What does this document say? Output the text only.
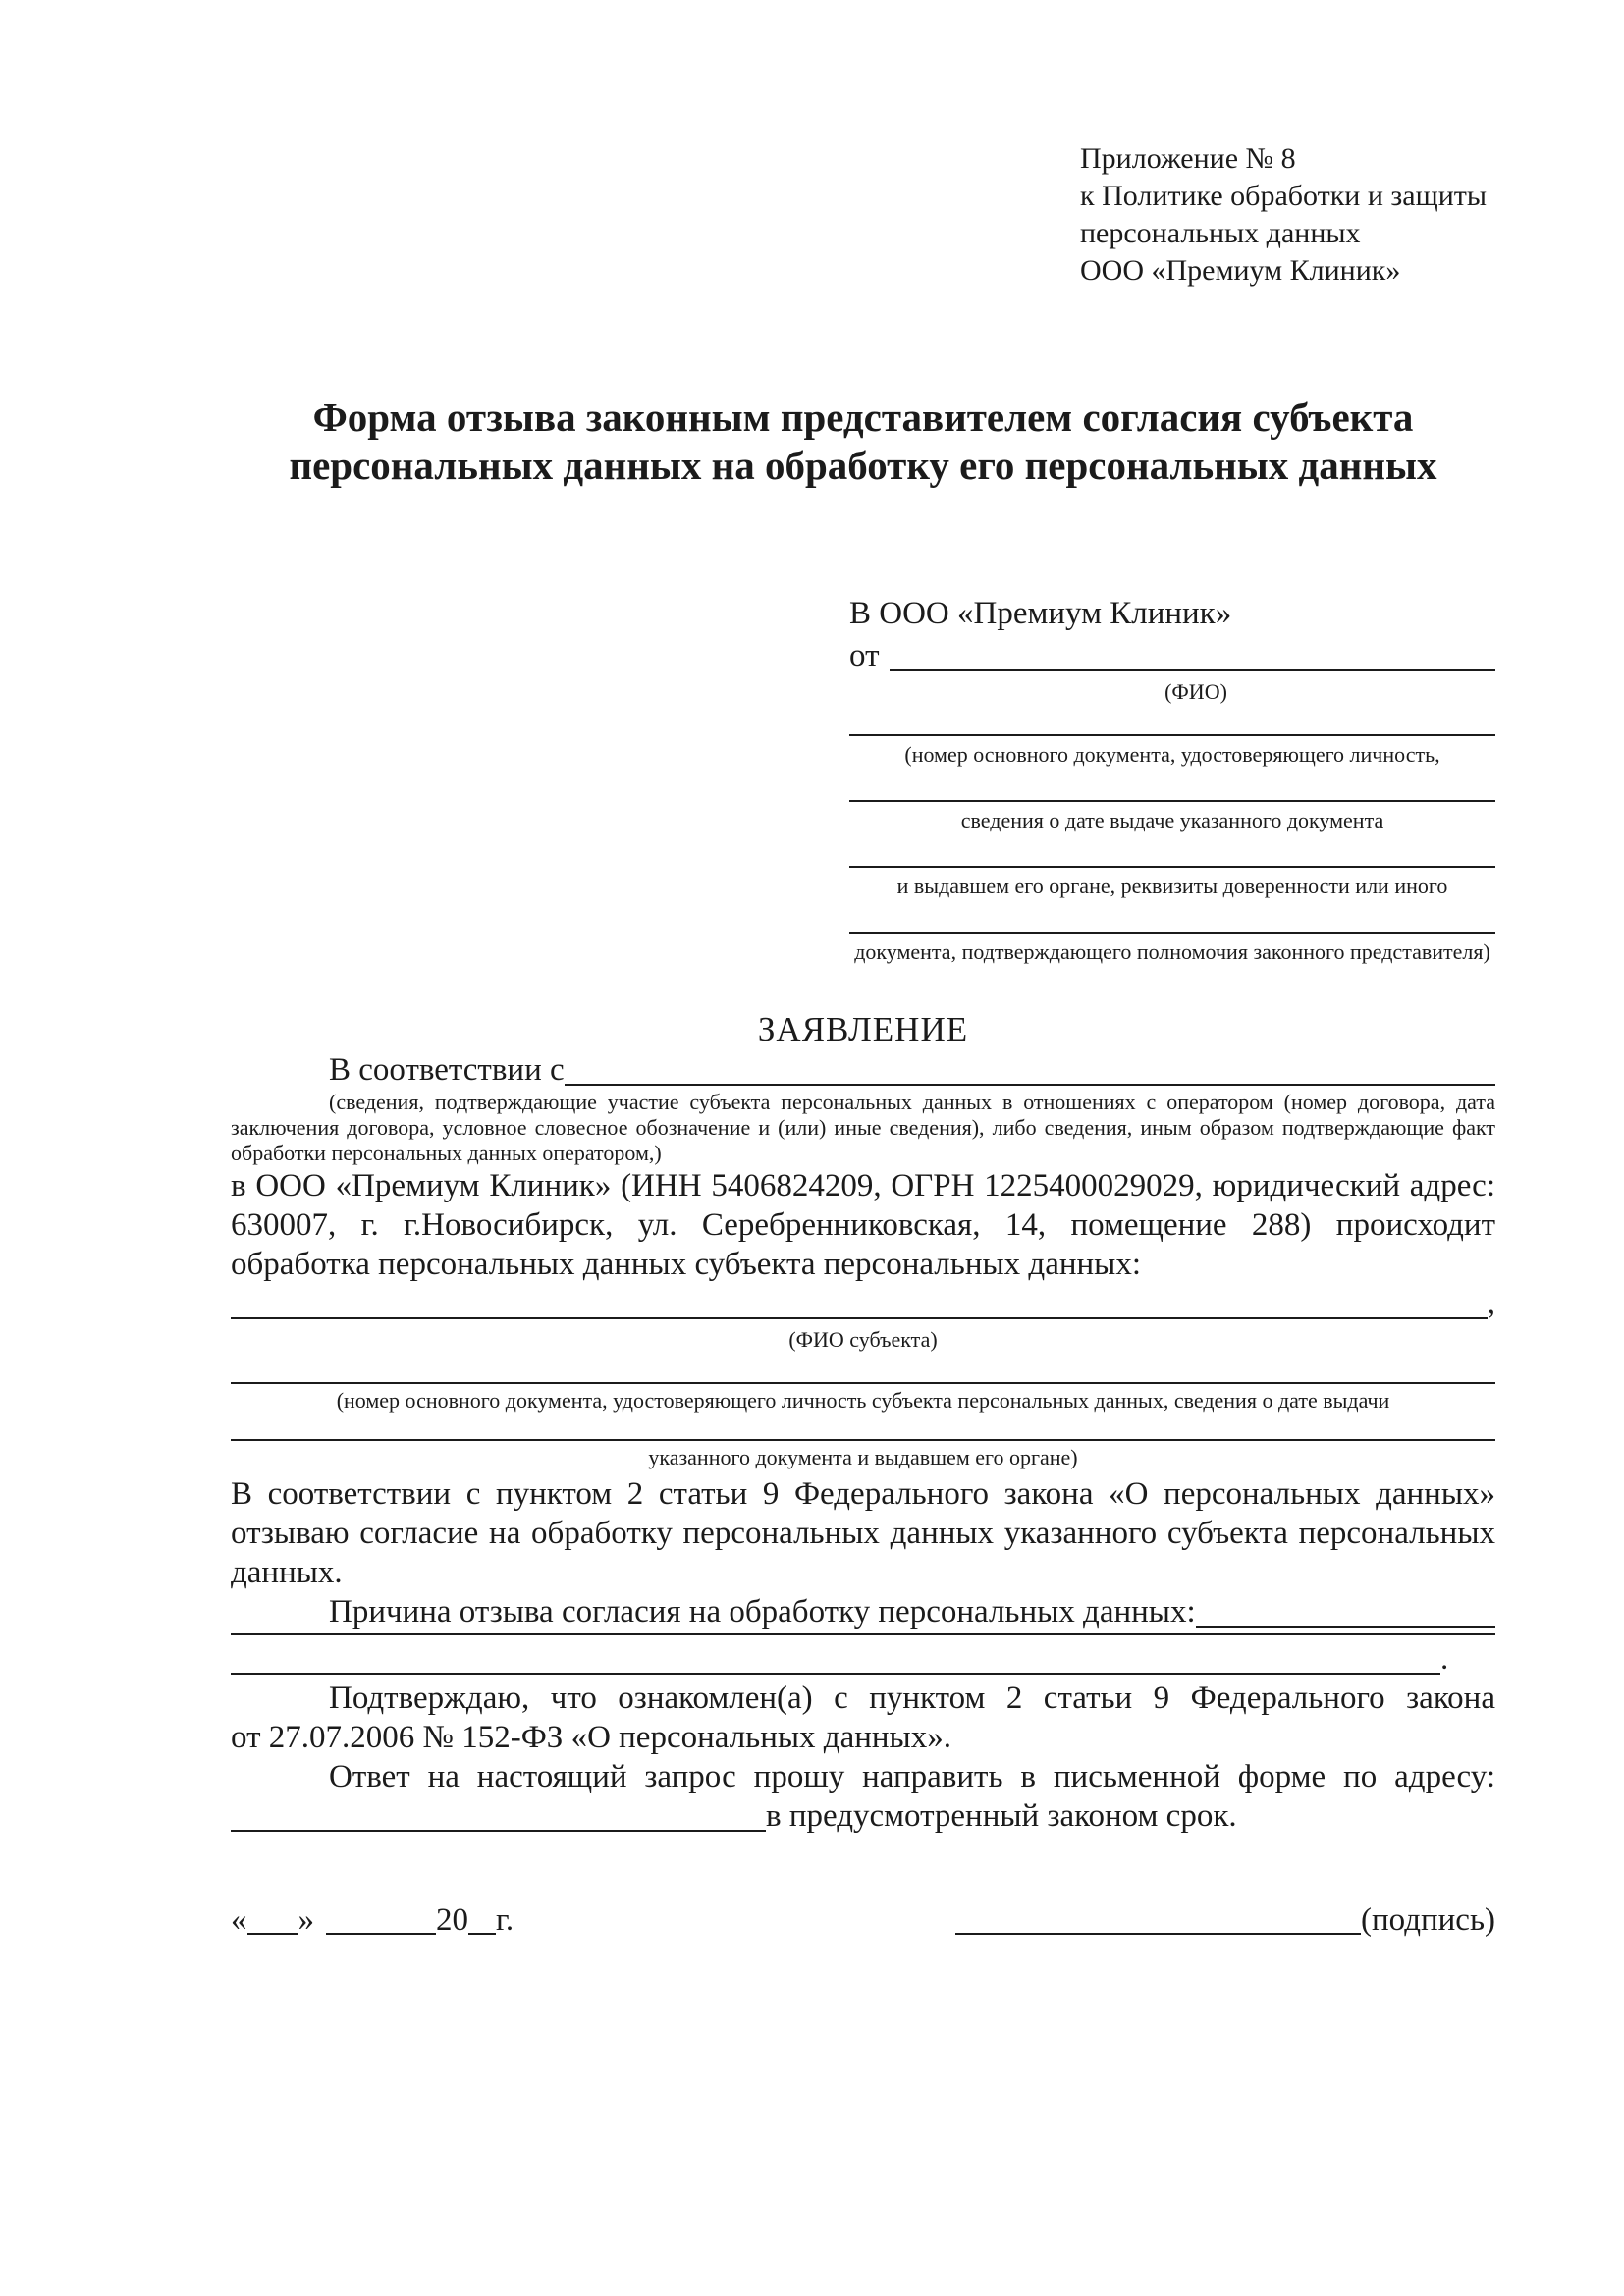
Приложение № 8
к Политике обработки и защиты
персональных данных
ООО «Премиум Клиник»
Форма отзыва законным представителем согласия субъекта
персональных данных на обработку его персональных данных
В ООО «Премиум Клиник»
от
(ФИО)
(номер основного документа, удостоверяющего личность,
сведения о дате выдаче указанного документа
и выдавшем его органе, реквизиты доверенности или иного
документа, подтверждающего полномочия законного представителя)
ЗАЯВЛЕНИЕ
В соответствии с
(сведения, подтверждающие участие субъекта персональных данных в отношениях с оператором (номер договора, дата
заключения договора, условное словесное обозначение и (или) иные сведения), либо сведения, иным образом подтверждающие факт
обработки персональных данных оператором,)
в ООО «Премиум Клиник» (ИНН 5406824209, ОГРН 1225400029029, юридический адрес:
630007, г. г.Новосибирск, ул. Серебренниковская, 14, помещение 288) происходит
обработка персональных данных субъекта персональных данных:
,
(ФИО субъекта)
(номер основного документа, удостоверяющего личность субъекта персональных данных, сведения о дате выдачи
указанного документа и выдавшем его органе)
В соответствии с пунктом 2 статьи 9 Федерального закона «О персональных данных»
отзываю согласие на обработку персональных данных указанного субъекта персональных
данных.
Причина отзыва согласия на обработку персональных данных:
.
Подтверждаю, что ознакомлен(а) с пунктом 2 статьи 9 Федерального закона
от 27.07.2006 № 152-ФЗ «О персональных данных».
Ответ на настоящий запрос прошу направить в письменной форме по адресу:
в предусмотренный законом срок.
« »	20 г.	(подпись)
